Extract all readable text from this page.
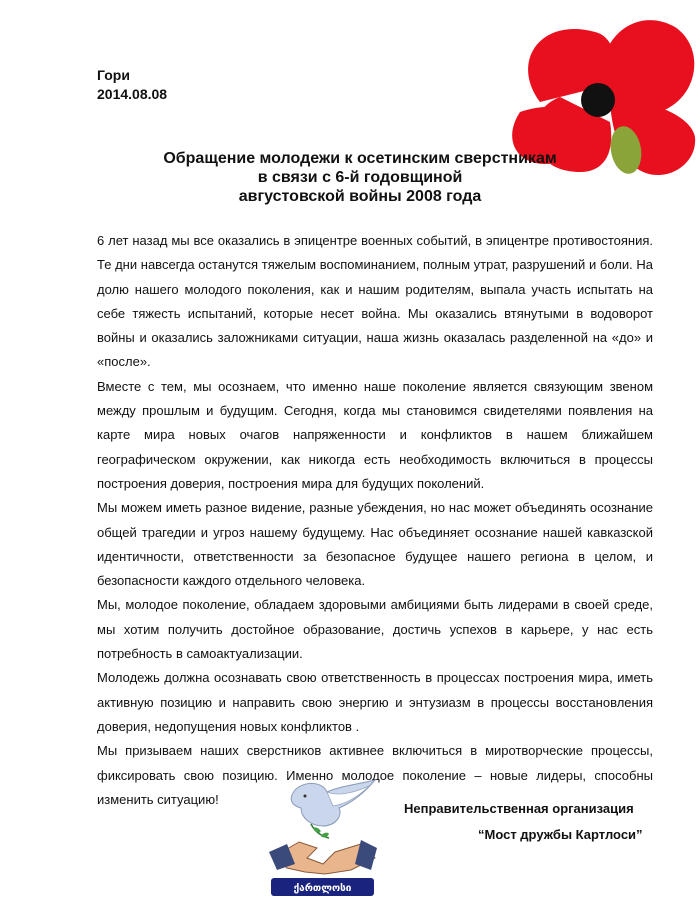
Гори
2014.08.08
Обращение молодежи к осетинским сверстникам
в связи с 6-й годовщиной
августовской войны 2008 года

6 лет назад мы все оказались в эпицентре военных событий, в эпицентре противостояния. Те дни навсегда останутся тяжелым воспоминанием, полным утрат, разрушений и боли. На долю нашего молодого поколения, как и нашим родителям, выпала участь испытать на себе тяжесть испытаний, которые несет война. Мы оказались втянутыми в водоворот войны и оказались заложниками ситуации, наша жизнь оказалась разделенной на «до» и «после».

Вместе с тем, мы осознаем, что именно наше поколение является связующим звеном между прошлым и будущим. Сегодня, когда мы становимся свидетелями появления на карте мира новых очагов напряженности и конфликтов в нашем ближайшем географическом окружении, как никогда есть необходимость включиться в процессы построения доверия, построения мира для будущих поколений.

Мы можем иметь разное видение, разные убеждения, но нас может объединять осознание общей трагедии и угроз нашему будущему. Нас объединяет осознание нашей кавказской идентичности, ответственности за безопасное будущее нашего региона в целом, и безопасности каждого отдельного человека.

Мы, молодое поколение, обладаем здоровыми амбициями быть лидерами в своей среде, мы хотим получить достойное образование, достичь успехов в карьере, у нас есть потребность в самоактуализации.

Молодежь должна осознавать свою ответственность в процессах построения мира, иметь активную позицию и направить свою энергию и энтузиазм в процессы восстановления доверия, недопущения новых конфликтов .

Мы призываем наших сверстников активнее включиться в миротворческие процессы, фиксировать свою позицию. Именно молодое поколение – новые лидеры, способны изменить ситуацию!

ქართლოსი
Неправительственная организация
“Мост дружбы Картлоси”
